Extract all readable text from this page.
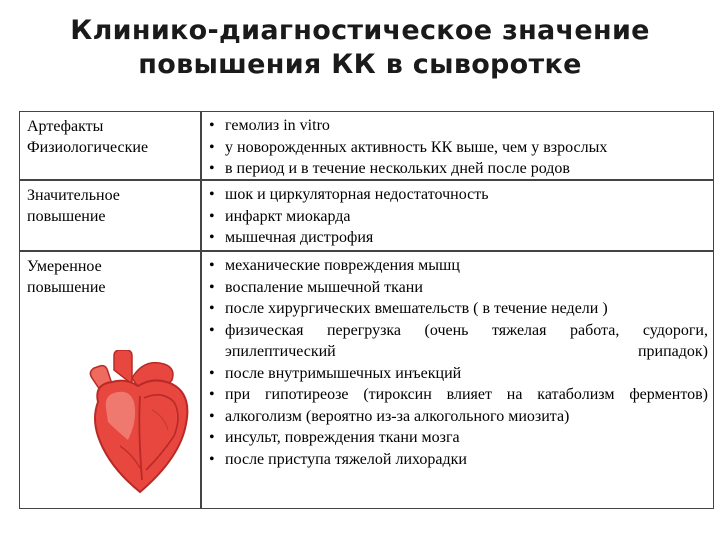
Клинико-диагностическое значение
повышения КК в сыворотке
Артефакты
Физиологические
• гемолиз in vitro
• у новорожденных активность КК выше, чем у взрослых
• в период и в течение нескольких дней после родов
Значительное
повышение
• шок и циркуляторная недостаточность
• инфаркт миокарда
• мышечная дистрофия
Умеренное
повышение
• механические повреждения мышц
• воспаление мышечной ткани
• после хирургических вмешательств ( в течение недели )
• физическая перегрузка (очень тяжелая работа, судороги, эпилептический припадок)
• после внутримышечных инъекций
• при гипотиреозе (тироксин влияет на катаболизм ферментов)
• алкоголизм (вероятно из-за алкогольного миозита)
• инсульт, повреждения ткани мозга
• после приступа тяжелой лихорадки
